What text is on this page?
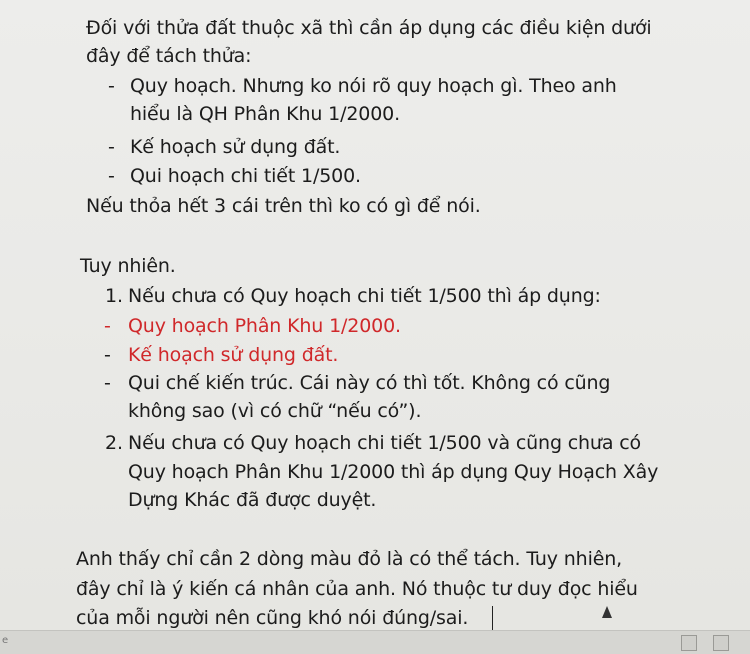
Đối với thửa đất thuộc xã thì cần áp dụng các điều kiện dưới
đây để tách thửa:
- Quy hoạch. Nhưng ko nói rõ quy hoạch gì. Theo anh
hiểu là QH Phân Khu 1/2000.
- Kế hoạch sử dụng đất.
- Qui hoạch chi tiết 1/500.
Nếu thỏa hết 3 cái trên thì ko có gì để nói.
Tuy nhiên.
1. Nếu chưa có Quy hoạch chi tiết 1/500 thì áp dụng:
- Quy hoạch Phân Khu 1/2000.
- Kế hoạch sử dụng đất.
- Qui chế kiến trúc. Cái này có thì tốt. Không có cũng
không sao (vì có chữ “nếu có”).
2. Nếu chưa có Quy hoạch chi tiết 1/500 và cũng chưa có
Quy hoạch Phân Khu 1/2000 thì áp dụng Quy Hoạch Xây
Dựng Khác đã được duyệt.
Anh thấy chỉ cần 2 dòng màu đỏ là có thể tách. Tuy nhiên,
đây chỉ là ý kiến cá nhân của anh. Nó thuộc tư duy đọc hiểu
của mỗi người nên cũng khó nói đúng/sai.
e
